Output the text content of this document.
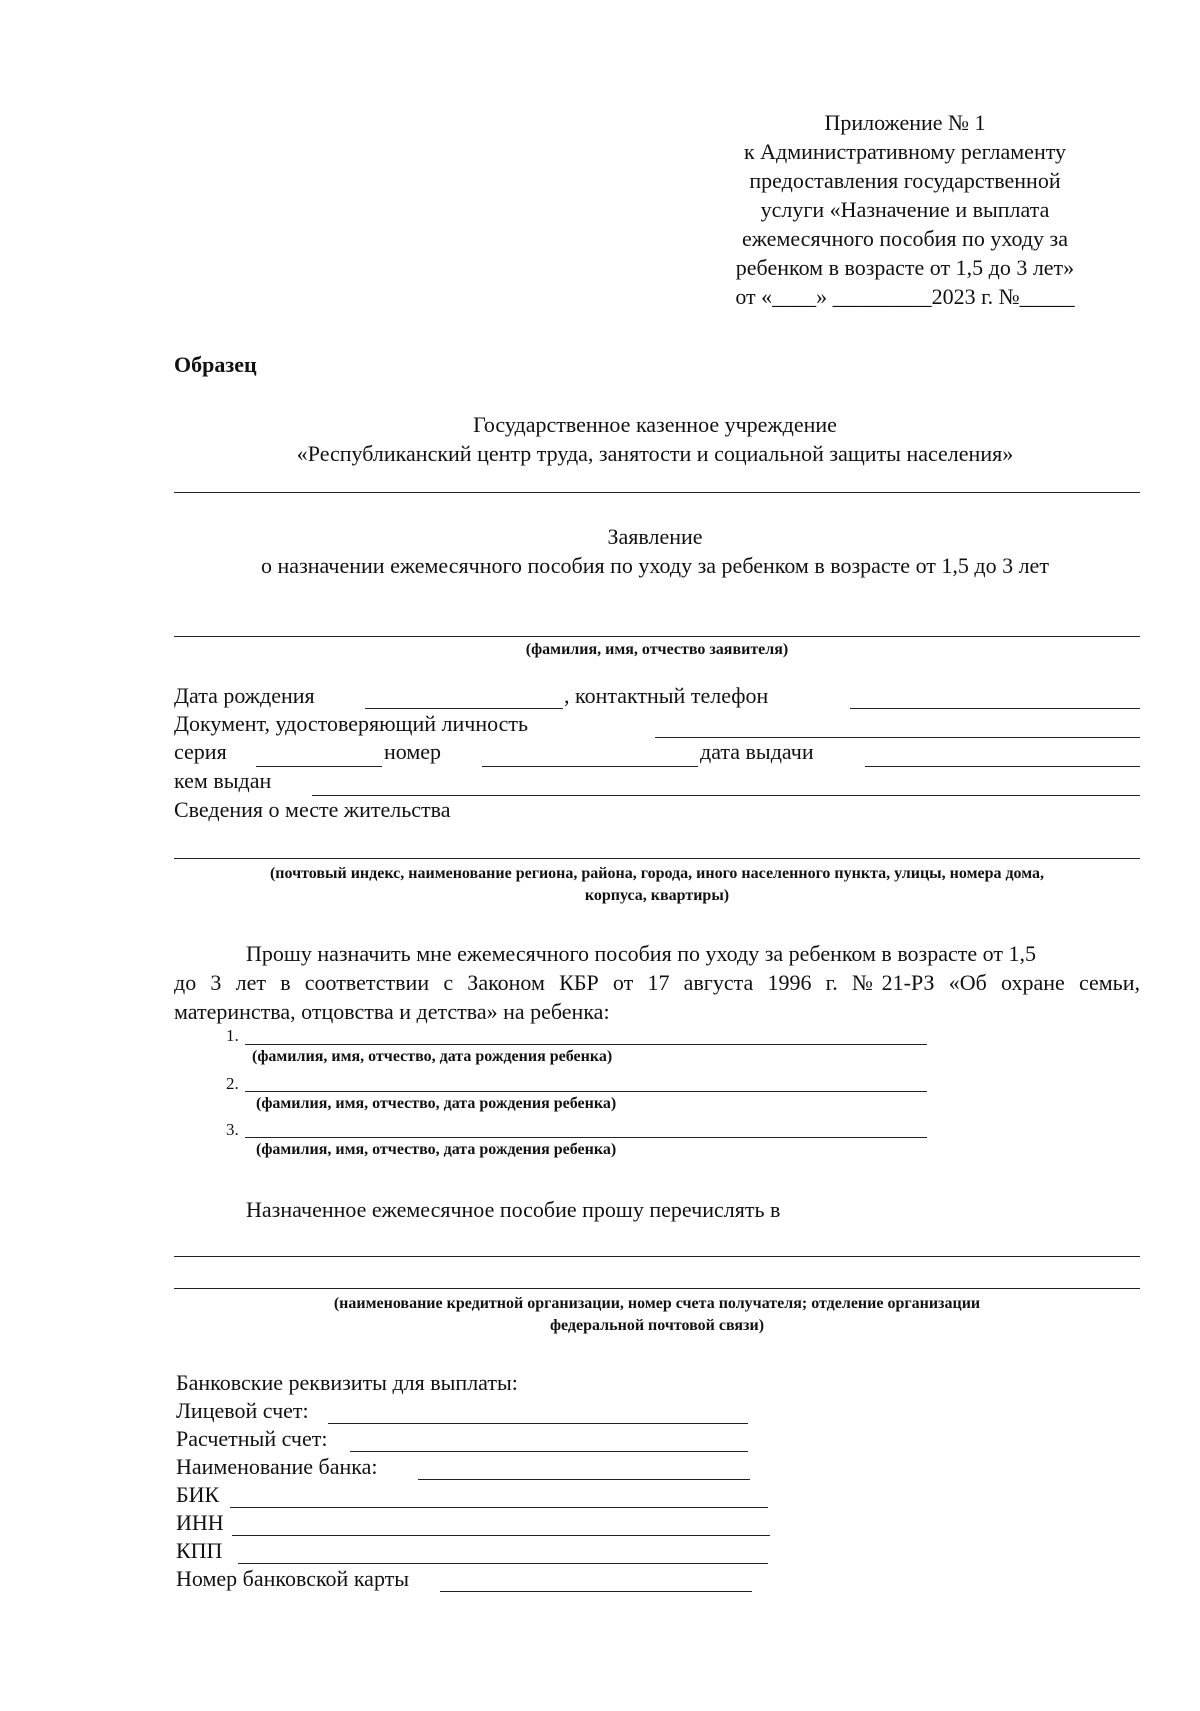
Приложение № 1
к Административному регламенту
предоставления государственной
услуги «Назначение и выплата
ежемесячного пособия по уходу за
ребенком в возрасте от 1,5 до 3 лет»
от «____» _________2023 г. №_____
Образец
Государственное казенное учреждение
«Республиканский центр труда, занятости и социальной защиты населения»
Заявление
о назначении ежемесячного пособия по уходу за ребенком в возрасте от 1,5 до 3 лет
(фамилия, имя, отчество заявителя)
Дата рождения	, контактный телефон
Документ, удостоверяющий личность
серия	номер	дата выдачи
кем выдан
Сведения о месте жительства
(почтовый индекс, наименование региона, района, города, иного населенного пункта, улицы, номера дома,
корпуса, квартиры)
Прошу назначить мне ежемесячного пособия по уходу за ребенком в возрасте от 1,5
до 3 лет в соответствии с Законом КБР от 17 августа 1996 г. №21-РЗ «Об охране семьи,
материнства, отцовства и детства» на ребенка:
1.
(фамилия, имя, отчество, дата рождения ребенка)
2.
(фамилия, имя, отчество, дата рождения ребенка)
3.
(фамилия, имя, отчество, дата рождения ребенка)
Назначенное ежемесячное пособие прошу перечислять в
(наименование кредитной организации, номер счета получателя; отделение организации
федеральной почтовой связи)
Банковские реквизиты для выплаты:
Лицевой счет:
Расчетный счет:
Наименование банка:
БИК
ИНН
КПП
Номер банковской карты
